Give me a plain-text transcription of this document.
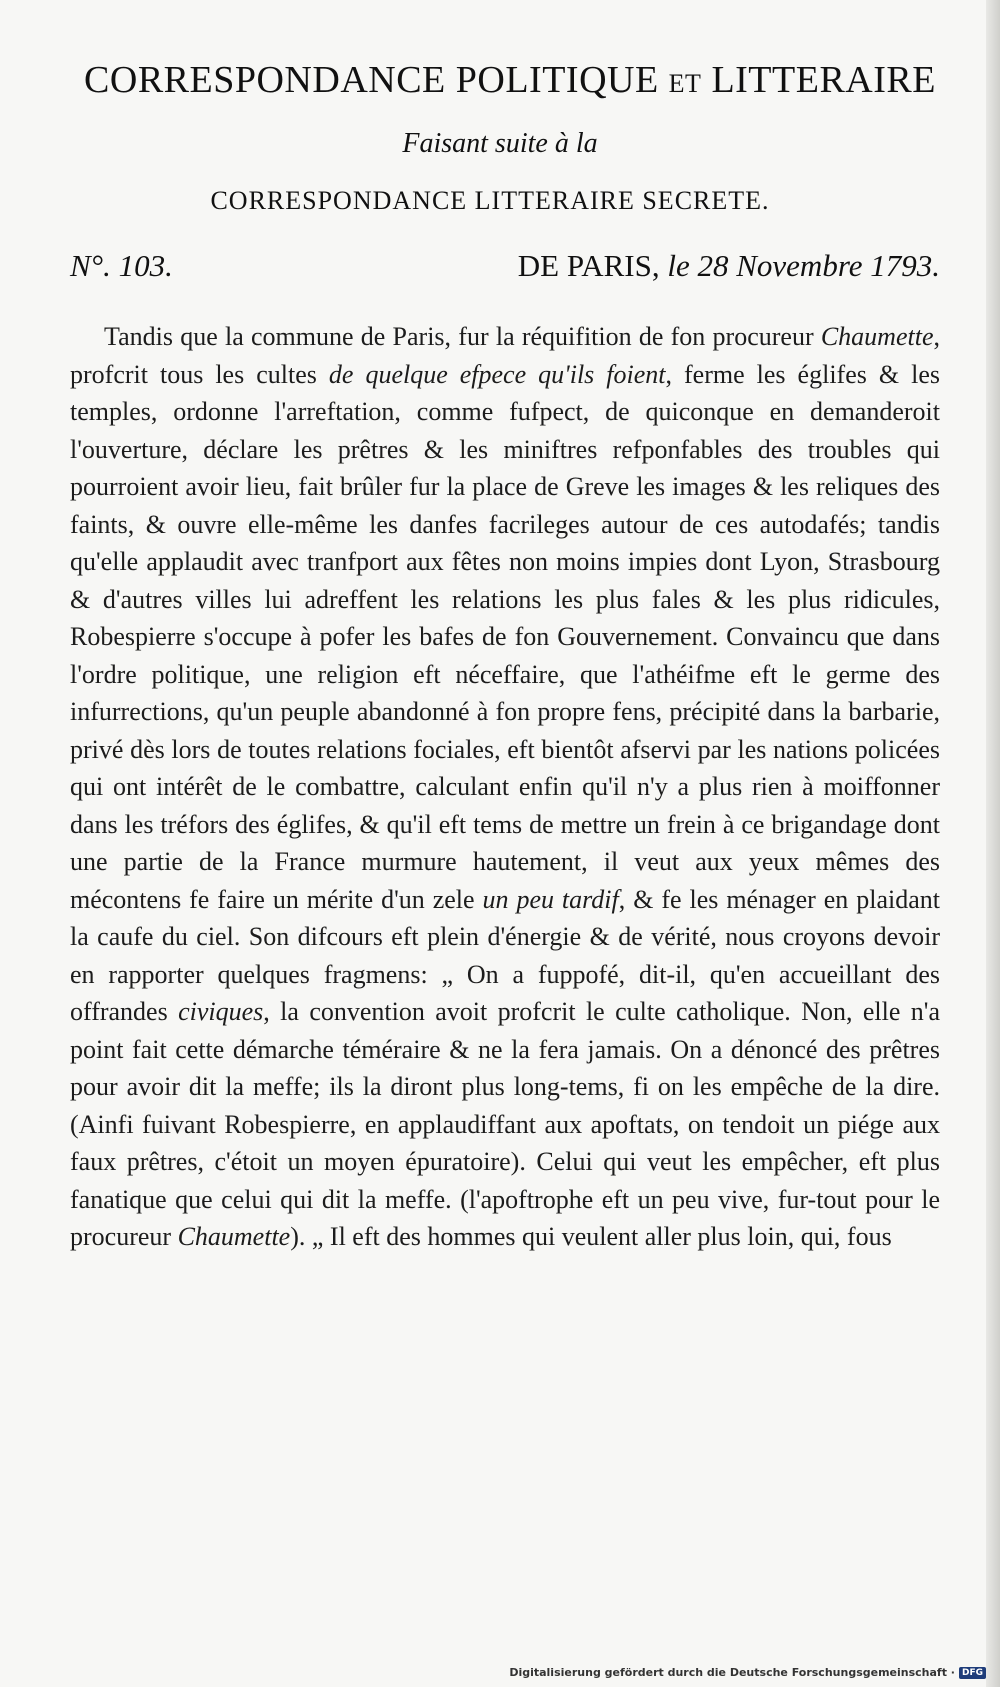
CORRESPONDANCE POLITIQUE ET LITTERAIRE
Faisant suite à la
CORRESPONDANCE LITTERAIRE SECRETE.
N°. 103.	DE PARIS, le 28 Novembre 1793.

Tandis que la commune de Paris, fur la réquifition de fon procureur Chaumette, profcrit tous les cultes de quelque efpece qu'ils foient, ferme les églifes & les temples, ordonne l'arreftation, comme fufpect, de quiconque en demanderoit l'ouverture, déclare les prêtres & les miniftres refponfables des troubles qui pourroient avoir lieu, fait brûler fur la place de Greve les images & les reliques des faints, & ouvre elle-même les danfes facrileges autour de ces autodafés; tandis qu'elle applaudit avec tranfport aux fêtes non moins impies dont Lyon, Strasbourg & d'autres villes lui adreffent les relations les plus fales & les plus ridicules, Robespierre s'occupe à pofer les bafes de fon Gouvernement. Convaincu que dans l'ordre politique, une religion eft néceffaire, que l'athéifme eft le germe des infurrections, qu'un peuple abandonné à fon propre fens, précipité dans la barbarie, privé dès lors de toutes relations fociales, eft bientôt afservi par les nations policées qui ont intérêt de le combattre, calculant enfin qu'il n'y a plus rien à moiffonner dans les tréfors des églifes, & qu'il eft tems de mettre un frein à ce brigandage dont une partie de la France murmure hautement, il veut aux yeux mêmes des mécontens fe faire un mérite d'un zele un peu tardif, & fe les ménager en plaidant la caufe du ciel. Son difcours eft plein d'énergie & de vérité, nous croyons devoir en rapporter quelques fragmens: „ On a fuppofé, dit-il, qu'en accueillant des offrandes civiques, la convention avoit profcrit le culte catholique. Non, elle n'a point fait cette démarche téméraire & ne la fera jamais. On a dénoncé des prêtres pour avoir dit la meffe; ils la diront plus long-tems, fi on les empêche de la dire. (Ainfi fuivant Robespierre, en applaudiffant aux apoftats, on tendoit un piége aux faux prêtres, c'étoit un moyen épuratoire). Celui qui veut les empêcher, eft plus fanatique que celui qui dit la meffe. (l'apoftrophe eft un peu vive, fur-tout pour le procureur Chaumette). „ Il eft des hommes qui veulent aller plus loin, qui, fous

Digitalisierung gefördert durch die Deutsche Forschungsgemeinschaft · DFG
